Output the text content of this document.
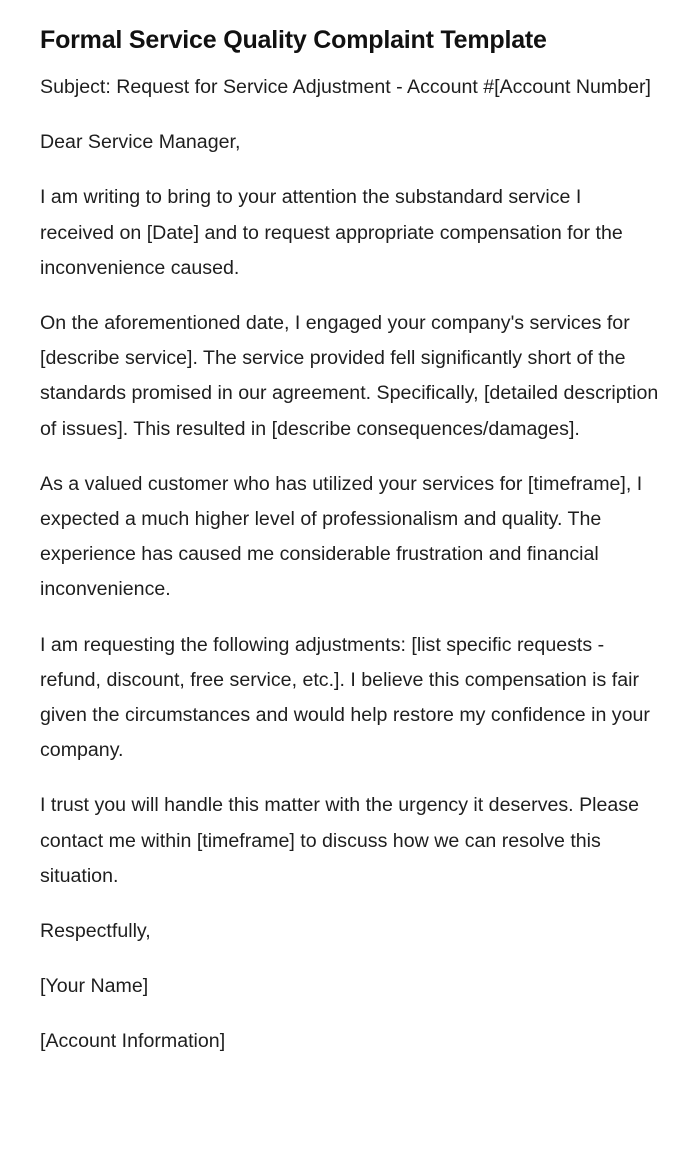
Formal Service Quality Complaint Template

Subject: Request for Service Adjustment - Account #[Account Number]

Dear Service Manager,

I am writing to bring to your attention the substandard service I received on [Date] and to request appropriate compensation for the inconvenience caused.

On the aforementioned date, I engaged your company's services for [describe service]. The service provided fell significantly short of the standards promised in our agreement. Specifically, [detailed description of issues]. This resulted in [describe consequences/damages].

As a valued customer who has utilized your services for [timeframe], I expected a much higher level of professionalism and quality. The experience has caused me considerable frustration and financial inconvenience.

I am requesting the following adjustments: [list specific requests - refund, discount, free service, etc.]. I believe this compensation is fair given the circumstances and would help restore my confidence in your company.

I trust you will handle this matter with the urgency it deserves. Please contact me within [timeframe] to discuss how we can resolve this situation.

Respectfully,

[Your Name]

[Account Information]
